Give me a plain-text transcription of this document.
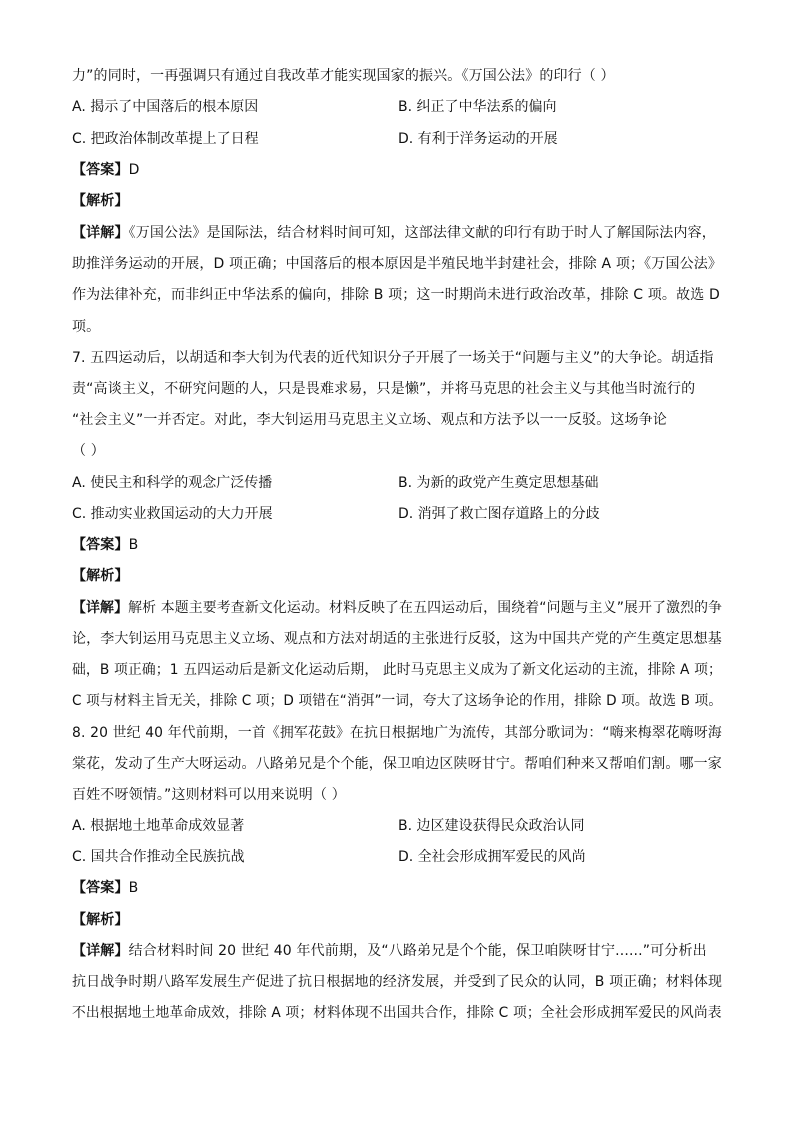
力”的同时，一再强调只有通过自我改革才能实现国家的振兴。《万国公法》的印行（ ）
A. 揭示了中国落后的根本原因	B. 纠正了中华法系的偏向
C. 把政治体制改革提上了日程	D. 有利于洋务运动的开展
【答案】D
【解析】
【详解】《万国公法》是国际法，结合材料时间可知，这部法律文献的印行有助于时人了解国际法内容，
助推洋务运动的开展，D 项正确；中国落后的根本原因是半殖民地半封建社会，排除 A 项；《万国公法》
作为法律补充，而非纠正中华法系的偏向，排除 B 项；这一时期尚未进行政治改革，排除 C 项。故选 D
项。
7. 五四运动后，以胡适和李大钊为代表的近代知识分子开展了一场关于“问题与主义”的大争论。胡适指
责“高谈主义，不研究问题的人，只是畏难求易，只是懒”，并将马克思的社会主义与其他当时流行的
“社会主义”一并否定。对此，李大钊运用马克思主义立场、观点和方法予以一一反驳。这场争论
（ ）
A. 使民主和科学的观念广泛传播	B. 为新的政党产生奠定思想基础
C. 推动实业救国运动的大力开展	D. 消弭了救亡图存道路上的分歧
【答案】B
【解析】
【详解】解析 本题主要考查新文化运动。材料反映了在五四运动后，围绕着“问题与主义”展开了激烈的争
论，李大钊运用马克思主义立场、观点和方法对胡适的主张进行反驳，这为中国共产党的产生奠定思想基
础，B 项正确；1 五四运动后是新文化运动后期， 此时马克思主义成为了新文化运动的主流，排除 A 项；
C 项与材料主旨无关，排除 C 项；D 项错在“消弭”一词，夸大了这场争论的作用，排除 D 项。故选 B 项。
8. 20 世纪 40 年代前期，一首《拥军花鼓》在抗日根据地广为流传，其部分歌词为：“嗨来梅翠花嗨呀海
棠花，发动了生产大呀运动。八路弟兄是个个能，保卫咱边区陕呀甘宁。帮咱们种来又帮咱们割。哪一家
百姓不呀领情。”这则材料可以用来说明（ ）
A. 根据地土地革命成效显著	B. 边区建设获得民众政治认同
C. 国共合作推动全民族抗战	D. 全社会形成拥军爱民的风尚
【答案】B
【解析】
【详解】结合材料时间 20 世纪 40 年代前期，及“八路弟兄是个个能，保卫咱陕呀甘宁......”可分析出
抗日战争时期八路军发展生产促进了抗日根据地的经济发展，并受到了民众的认同，B 项正确；材料体现
不出根据地土地革命成效，排除 A 项；材料体现不出国共合作，排除 C 项；全社会形成拥军爱民的风尚表
